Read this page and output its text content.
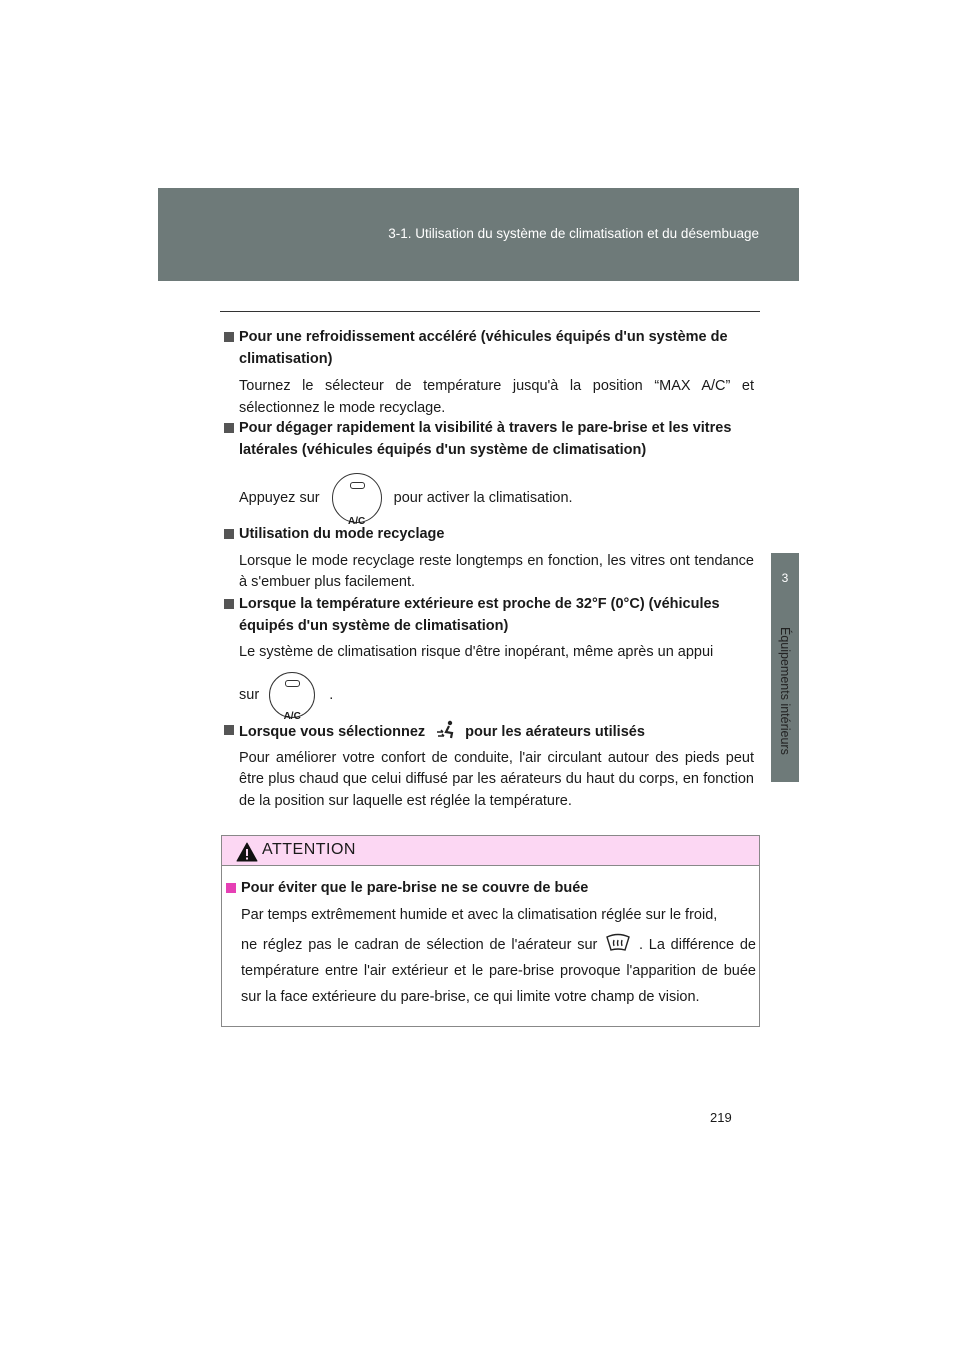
3-1. Utilisation du système de climatisation et du désembuage
3
Équipements intérieurs
Pour une refroidissement accéléré (véhicules équipés d'un système de climatisation)
Tournez le sélecteur de température jusqu'à la position “MAX A/C” et sélectionnez le mode recyclage.
Pour dégager rapidement la visibilité à travers le pare-brise et les vitres latérales (véhicules équipés d'un système de climatisation)
Appuyez sur
A/C
pour activer la climatisation.
Utilisation du mode recyclage
Lorsque le mode recyclage reste longtemps en fonction, les vitres ont tendance à s'embuer plus facilement.
Lorsque la température extérieure est proche de 32°F (0°C) (véhicules équipés d'un système de climatisation)
Le système de climatisation risque d'être inopérant, même après un appui
sur
A/C
.
Lorsque vous sélectionnez	pour les aérateurs utilisés
Pour améliorer votre confort de conduite, l'air circulant autour des pieds peut être plus chaud que celui diffusé par les aérateurs du haut du corps, en fonction de la position sur laquelle est réglée la température.
ATTENTION
Pour éviter que le pare-brise ne se couvre de buée
Par temps extrêmement humide et avec la climatisation réglée sur le froid,
ne réglez pas le cadran de sélection de l'aérateur sur	. La différence de température entre l'air extérieur et le pare-brise provoque l'apparition de buée sur la face extérieure du pare-brise, ce qui limite votre champ de vision.
219
